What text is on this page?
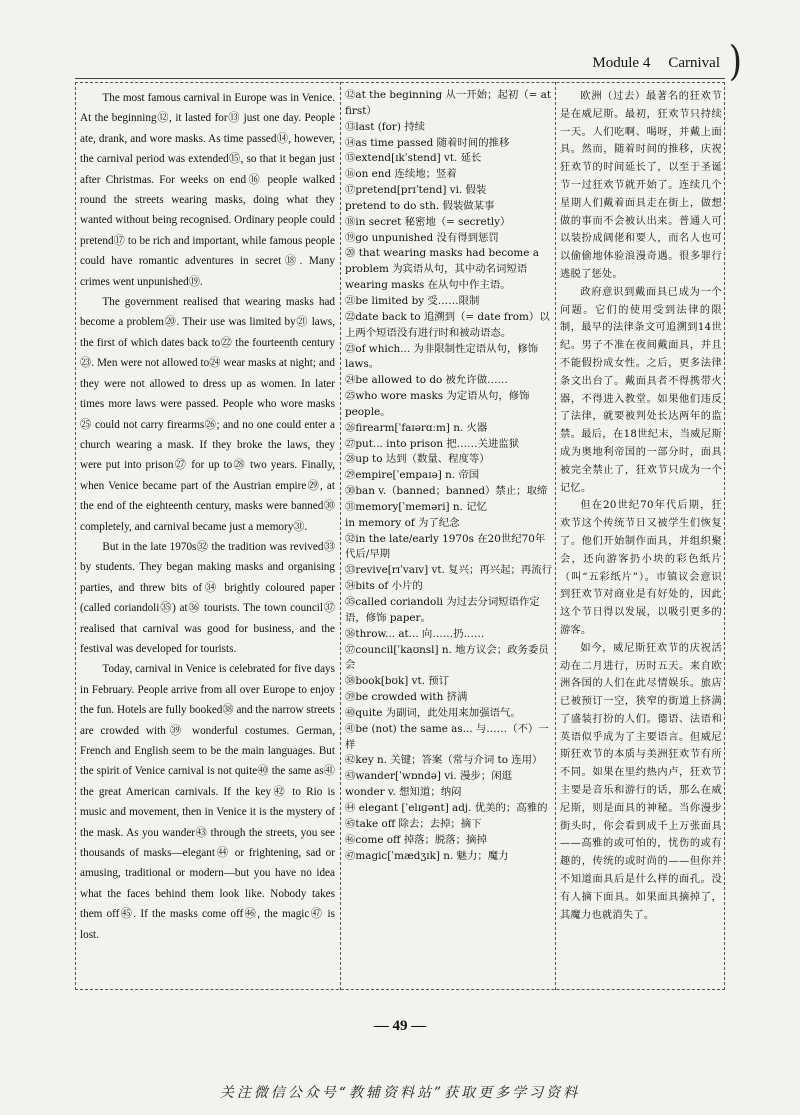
)
Module 4 Carnival

The most famous carnival in Europe was in Venice. At the beginning⑫, it lasted for⑬ just one day. People ate, drank, and wore masks. As time passed⑭, however, the carnival period was extended⑮, so that it began just after Christmas. For weeks on end⑯ people walked round the streets wearing masks, doing what they wanted without being recognised. Ordinary people could pretend⑰ to be rich and important, while famous people could have romantic adventures in secret⑱. Many crimes went unpunished⑲.

The government realised that wearing masks had become a problem⑳. Their use was limited by㉑ laws, the first of which dates back to㉒ the fourteenth century㉓. Men were not allowed to㉔ wear masks at night; and they were not allowed to dress up as women. In later times more laws were passed. People who wore masks㉕ could not carry firearms㉖; and no one could enter a church wearing a mask. If they broke the laws, they were put into prison㉗ for up to㉘ two years. Finally, when Venice became part of the Austrian empire㉙, at the end of the eighteenth century, masks were banned㉚ completely, and carnival became just a memory㉛.

But in the late 1970s㉜ the tradition was revived㉝ by students. They began making masks and organising parties, and threw bits of㉞ brightly coloured paper (called coriandoli㉟) at㊱ tourists. The town council㊲ realised that carnival was good for business, and the festival was developed for tourists.

Today, carnival in Venice is celebrated for five days in February. People arrive from all over Europe to enjoy the fun. Hotels are fully booked㊳ and the narrow streets are crowded with㊴ wonderful costumes. German, French and English seem to be the main languages. But the spirit of Venice carnival is not quite㊵ the same as㊶ the great American carnivals. If the key㊷ to Rio is music and movement, then in Venice it is the mystery of the mask. As you wander㊸ through the streets, you see thousands of masks—elegant㊹ or frightening, sad or amusing, traditional or modern—but you have no idea what the faces behind them look like. Nobody takes them off㊺. If the masks come off㊻, the magic㊼ is lost.

⑫at the beginning 从一开始；起初（= at first）
⑬last (for) 持续
⑭as time passed 随着时间的推移
⑮extend[ɪkˈstend] vt. 延长
⑯on end 连续地；竖着
⑰pretend[prɪˈtend] vi. 假装
pretend to do sth. 假装做某事
⑱in secret 秘密地（= secretly）
⑲go unpunished 没有得到惩罚
⑳ that wearing masks had become a problem 为宾语从句，其中动名词短语 wearing masks 在从句中作主语。
㉑be limited by 受……限制
㉒date back to 追溯到（= date from）以上两个短语没有进行时和被动语态。
㉓of which... 为非限制性定语从句，修饰 laws。
㉔be allowed to do 被允许做……
㉕who wore masks 为定语从句，修饰 people。
㉖firearm[ˈfaɪərɑːm] n. 火器
㉗put... into prison 把……关进监狱
㉘up to 达到（数量、程度等）
㉙empire[ˈempaɪə] n. 帝国
㉚ban v.（banned；banned）禁止；取缔
㉛memory[ˈmeməri] n. 记忆
in memory of 为了纪念
㉜in the late/early 1970s 在20世纪70年代后/早期
㉝revive[rɪˈvaɪv] vt. 复兴；再兴起；再流行
㉞bits of 小片的
㉟called coriandoli 为过去分词短语作定语，修饰 paper。
㊱throw... at... 向……扔……
㊲council[ˈkaʊnsl] n. 地方议会；政务委员会
㊳book[bʊk] vt. 预订
㊴be crowded with 挤满
㊵quite 为副词，此处用来加强语气。
㊶be (not) the same as... 与……（不）一样
㊷key n. 关键；答案（常与介词 to 连用）
㊸wander[ˈwɒndə] vi. 漫步；闲逛
wonder v. 想知道；纳闷
㊹ elegant [ˈelɪɡənt] adj. 优美的；高雅的
㊺take off 除去；去掉；摘下
㊻come off 掉落；脱落；摘掉
㊼magic[ˈmædʒɪk] n. 魅力；魔力

欧洲（过去）最著名的狂欢节是在威尼斯。最初，狂欢节只持续一天。人们吃啊、喝呀，并戴上面具。然而，随着时间的推移，庆祝狂欢节的时间延长了，以至于圣诞节一过狂欢节就开始了。连续几个星期人们戴着面具走在街上，做想做的事而不会被认出来。普通人可以装扮成阔佬和要人，而名人也可以偷偷地体验浪漫奇遇。很多罪行逃脱了惩处。

政府意识到戴面具已成为一个问题。它们的使用受到法律的限制，最早的法律条文可追溯到14世纪。男子不准在夜间戴面具，并且不能假扮成女性。之后，更多法律条文出台了。戴面具者不得携带火器，不得进入教堂。如果他们违反了法律，就要被判处长达两年的监禁。最后，在18世纪末，当威尼斯成为奥地利帝国的一部分时，面具被完全禁止了，狂欢节只成为一个记忆。

但在20世纪70年代后期，狂欢节这个传统节日又被学生们恢复了。他们开始制作面具，并组织聚会，还向游客扔小块的彩色纸片（叫“五彩纸片”）。市镇议会意识到狂欢节对商业是有好处的，因此这个节日得以发展，以吸引更多的游客。

如今，威尼斯狂欢节的庆祝活动在二月进行，历时五天。来自欧洲各国的人们在此尽情娱乐。旅店已被预订一空，狭窄的街道上挤满了盛装打扮的人们。德语、法语和英语似乎成为了主要语言。但威尼斯狂欢节的本质与美洲狂欢节有所不同。如果在里约热内卢，狂欢节主要是音乐和游行的话，那么在威尼斯，则是面具的神秘。当你漫步街头时，你会看到成千上万张面具——高雅的或可怕的，忧伤的或有趣的，传统的或时尚的——但你并不知道面具后是什么样的面孔。没有人摘下面具。如果面具摘掉了，其魔力也就消失了。

— 49 —
关注微信公众号“教辅资料站”获取更多学习资料
